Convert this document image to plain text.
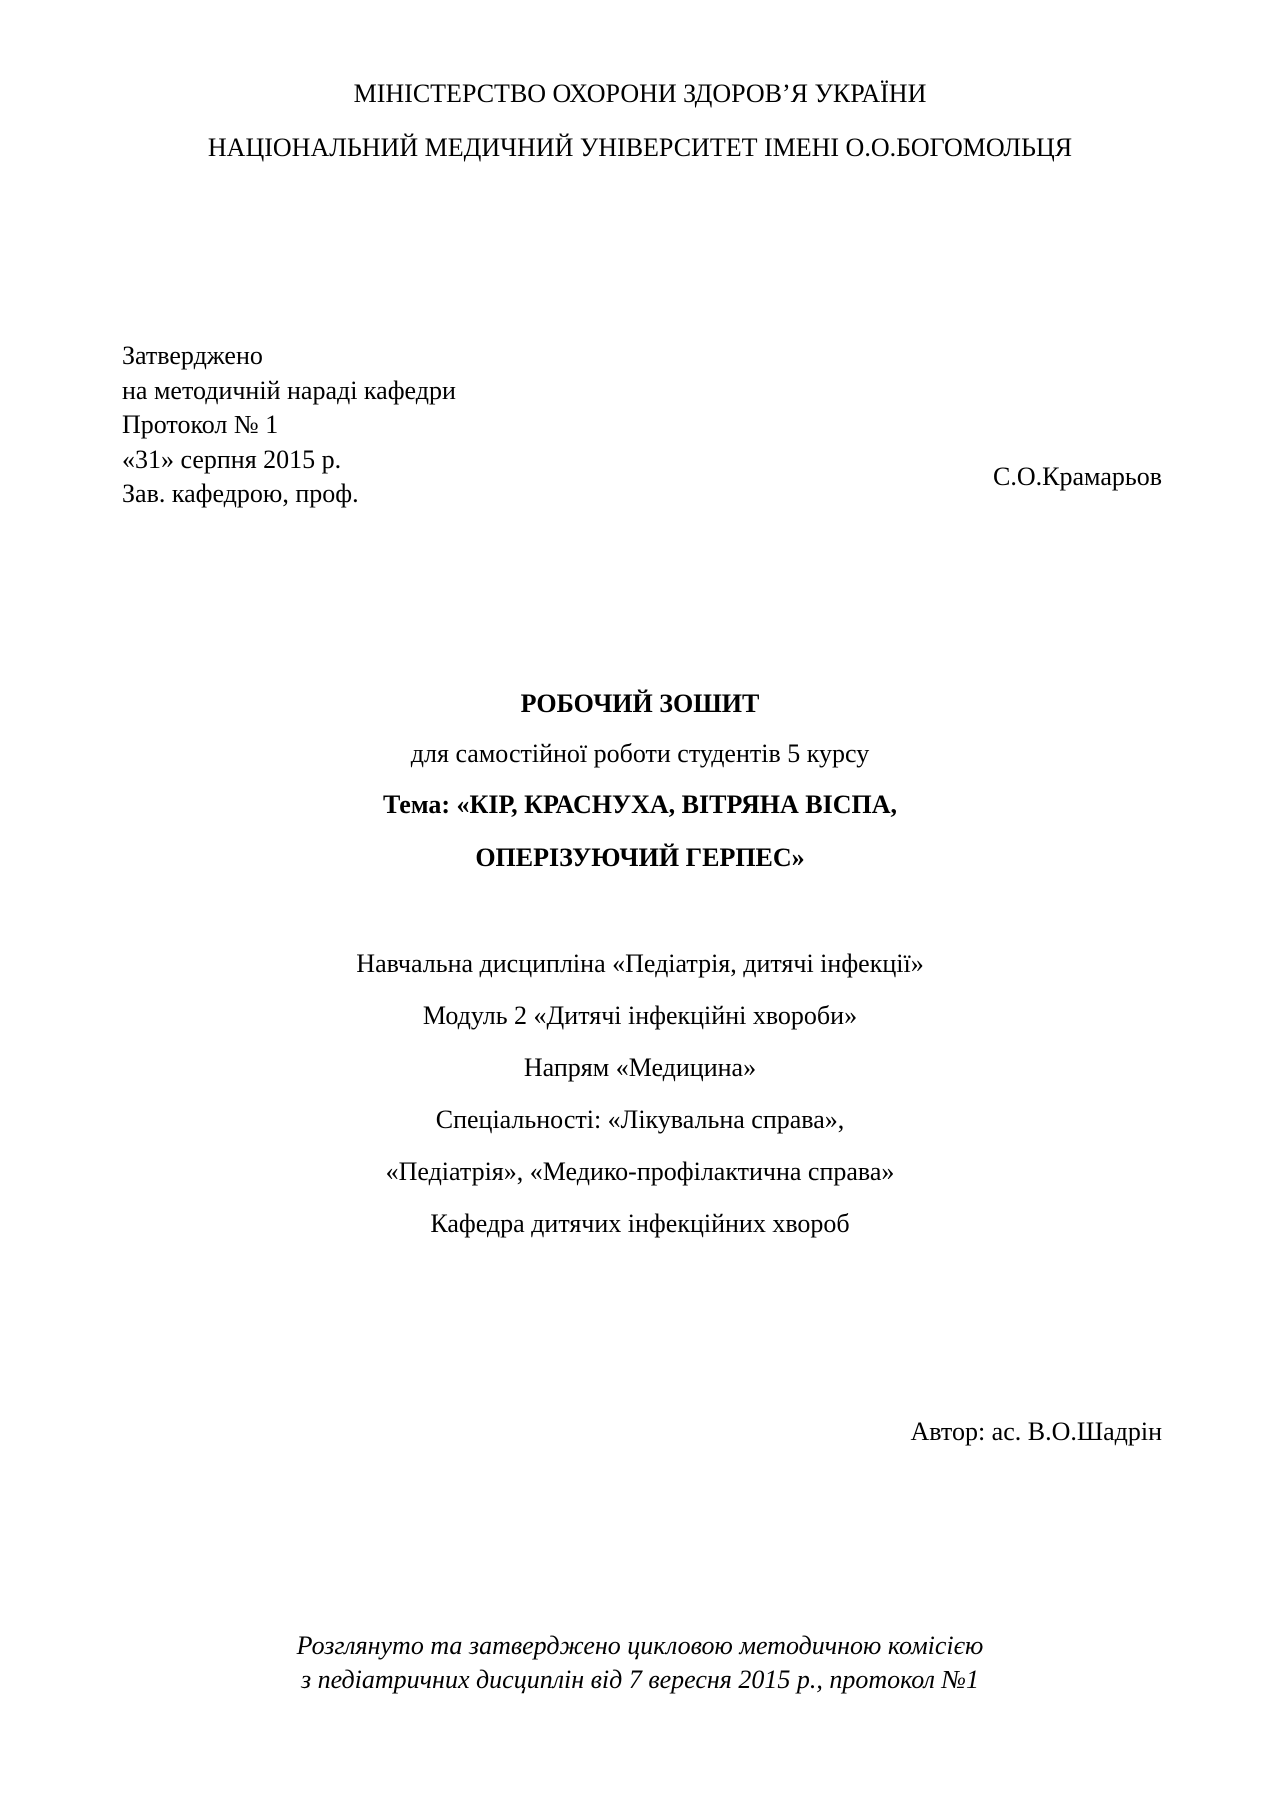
МІНІСТЕРСТВО ОХОРОНИ ЗДОРОВ’Я УКРАЇНИ
НАЦІОНАЛЬНИЙ МЕДИЧНИЙ УНІВЕРСИТЕТ ІМЕНІ О.О.БОГОМОЛЬЦЯ
Затверджено
на методичній нараді кафедри
Протокол № 1
«31» серпня 2015 р.
Зав. кафедрою, проф.
С.О.Крамарьов
РОБОЧИЙ ЗОШИТ
для самостійної роботи студентів 5 курсу
Тема: «КІР, КРАСНУХА, ВІТРЯНА ВІСПА,
ОПЕРІЗУЮЧИЙ ГЕРПЕС»
Навчальна дисципліна «Педіатрія, дитячі інфекції»
Модуль 2 «Дитячі інфекційні хвороби»
Напрям «Медицина»
Спеціальності: «Лікувальна справа»,
«Педіатрія», «Медико-профілактична справа»
Кафедра дитячих інфекційних хвороб
Автор: ас. В.О.Шадрін
Розглянуто та затверджено цикловою методичною комісією
з педіатричних дисциплін від 7 вересня 2015 р., протокол №1
